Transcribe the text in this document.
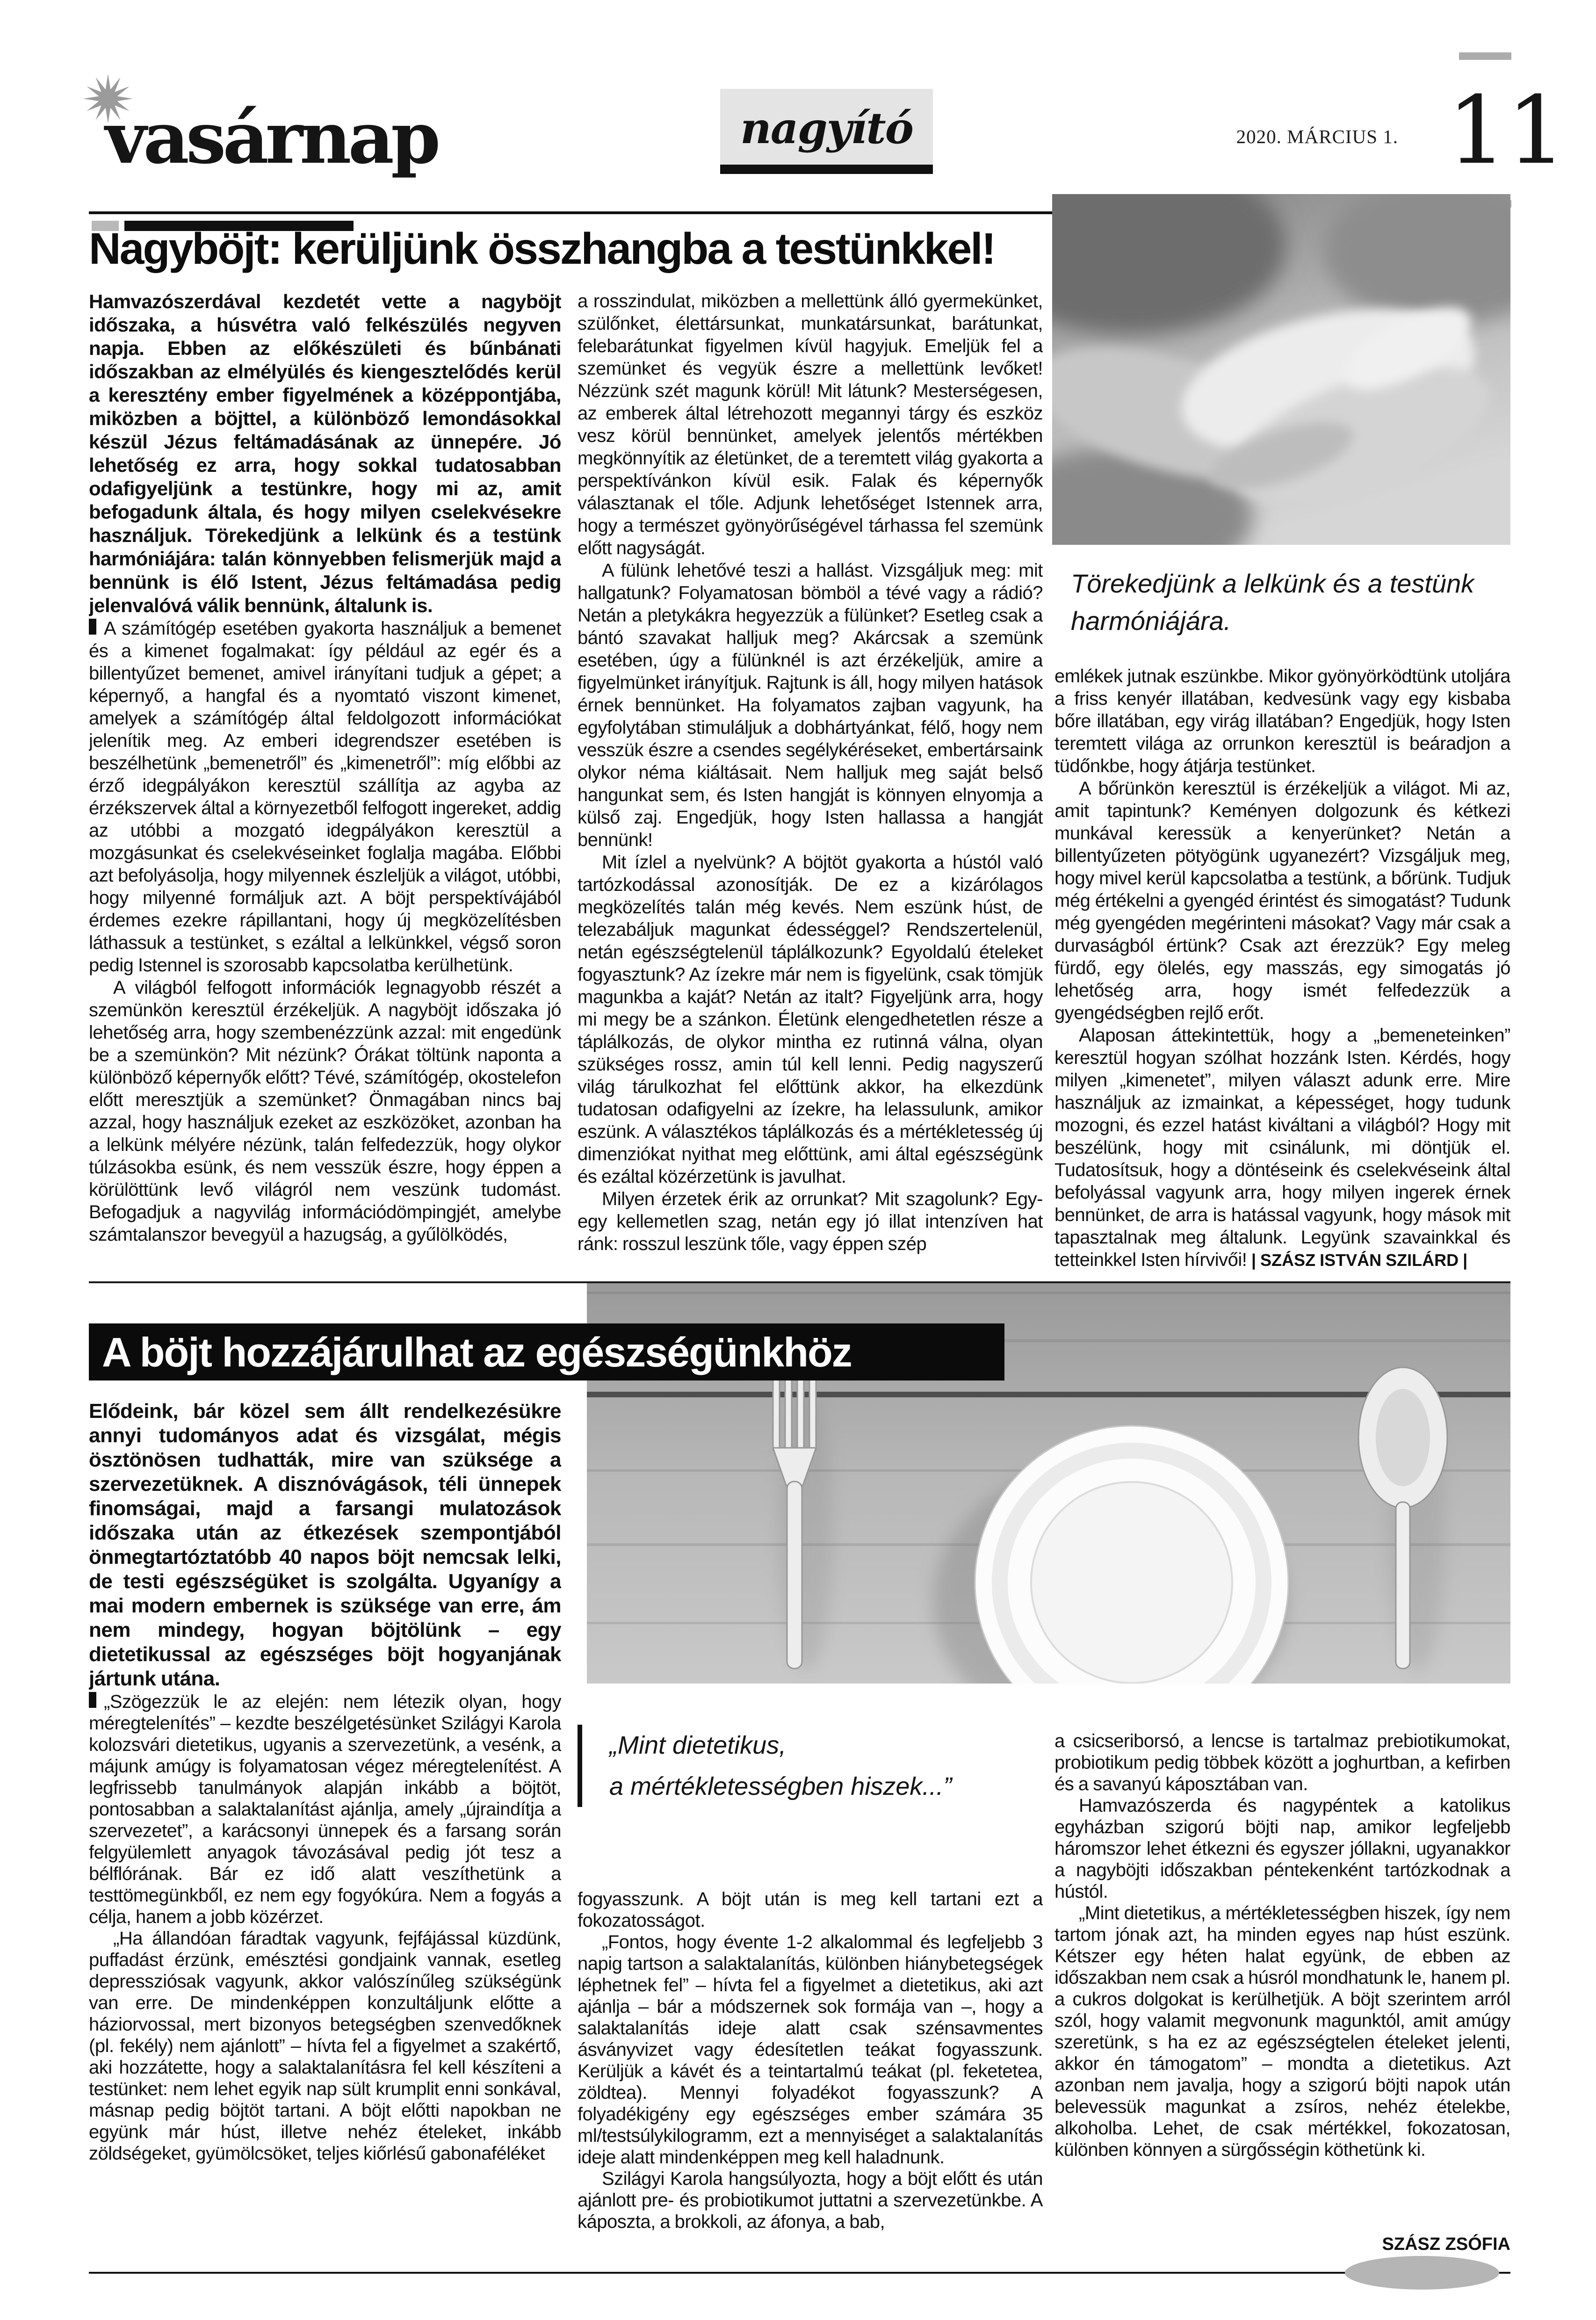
vasárnap	nagyító	2020. MÁRCIUS 1. 11
Nagyböjt: kerüljünk összhangba a testünkkel!
Törekedjünk a lelkünk és a testünk harmóniájára.

Hamvazószerdával kezdetét vette a nagyböjt időszaka, a húsvétra való felkészülés negyven napja. Ebben az előkészületi és bűnbánati időszakban az elmélyülés és kiengesztelődés kerül a keresztény ember figyelmének a középpontjába, miközben a böjttel, a különböző lemondásokkal készül Jézus feltámadásának az ünnepére. Jó lehetőség ez arra, hogy sokkal tudatosabban odafigyeljünk a testünkre, hogy mi az, amit befogadunk általa, és hogy milyen cselekvésekre használjuk. Törekedjünk a lelkünk és a testünk harmóniájára: talán könnyebben felismerjük majd a bennünk is élő Istent, Jézus feltámadása pedig jelenvalóvá válik bennünk, általunk is.

A számítógép esetében gyakorta használjuk a bemenet és a kimenet fogalmakat: így például az egér és a billentyűzet bemenet, amivel irányítani tudjuk a gépet; a képernyő, a hangfal és a nyomtató viszont kimenet, amelyek a számítógép által feldolgozott információkat jelenítik meg. Az emberi idegrendszer esetében is beszélhetünk „bemenetről” és „kimenetről”: míg előbbi az érző idegpályákon keresztül szállítja az agyba az érzékszervek által a környezetből felfogott ingereket, addig az utóbbi a mozgató idegpályákon keresztül a mozgásunkat és cselekvéseinket foglalja magába. Előbbi azt befolyásolja, hogy milyennek észleljük a világot, utóbbi, hogy milyenné formáljuk azt. A böjt perspektívájából érdemes ezekre rápillantani, hogy új megközelítésben láthassuk a testünket, s ezáltal a lelkünkkel, végső soron pedig Istennel is szorosabb kapcsolatba kerülhetünk.

A világból felfogott információk legnagyobb részét a szemünkön keresztül érzékeljük. A nagyböjt időszaka jó lehetőség arra, hogy szembenézzünk azzal: mit engedünk be a szemünkön? Mit nézünk? Órákat töltünk naponta a különböző képernyők előtt? Tévé, számítógép, okostelefon előtt meresztjük a szemünket? Önmagában nincs baj azzal, hogy használjuk ezeket az eszközöket, azonban ha a lelkünk mélyére nézünk, talán felfedezzük, hogy olykor túlzásokba esünk, és nem vesszük észre, hogy éppen a körülöttünk levő világról nem veszünk tudomást. Befogadjuk a nagyvilág információdömpingjét, amelybe számtalanszor bevegyül a hazugság, a gyűlölködés,

a rosszindulat, miközben a mellettünk álló gyermekünket, szülőnket, élettársunkat, munkatársunkat, barátunkat, felebarátunkat figyelmen kívül hagyjuk. Emeljük fel a szemünket és vegyük észre a mellettünk levőket! Nézzünk szét magunk körül! Mit látunk? Mesterségesen, az emberek által létrehozott megannyi tárgy és eszköz vesz körül bennünket, amelyek jelentős mértékben megkönnyítik az életünket, de a teremtett világ gyakorta a perspektívánkon kívül esik. Falak és képernyők választanak el tőle. Adjunk lehetőséget Istennek arra, hogy a természet gyönyörűségével tárhassa fel szemünk előtt nagyságát.

A fülünk lehetővé teszi a hallást. Vizsgáljuk meg: mit hallgatunk? Folyamatosan bömböl a tévé vagy a rádió? Netán a pletykákra hegyezzük a fülünket? Esetleg csak a bántó szavakat halljuk meg? Akárcsak a szemünk esetében, úgy a fülünknél is azt érzékeljük, amire a figyelmünket irányítjuk. Rajtunk is áll, hogy milyen hatások érnek bennünket. Ha folyamatos zajban vagyunk, ha egyfolytában stimuláljuk a dobhártyánkat, félő, hogy nem vesszük észre a csendes segélykéréseket, embertársaink olykor néma kiáltásait. Nem halljuk meg saját belső hangunkat sem, és Isten hangját is könnyen elnyomja a külső zaj. Engedjük, hogy Isten hallassa a hangját bennünk!

Mit ízlel a nyelvünk? A böjtöt gyakorta a hústól való tartózkodással azonosítják. De ez a kizárólagos megközelítés talán még kevés. Nem eszünk húst, de telezabáljuk magunkat édességgel? Rendszertelenül, netán egészségtelenül táplálkozunk? Egyoldalú ételeket fogyasztunk? Az ízekre már nem is figyelünk, csak tömjük magunkba a kaját? Netán az italt? Figyeljünk arra, hogy mi megy be a szánkon. Életünk elengedhetetlen része a táplálkozás, de olykor mintha ez rutinná válna, olyan szükséges rossz, amin túl kell lenni. Pedig nagyszerű világ tárulkozhat fel előttünk akkor, ha elkezdünk tudatosan odafigyelni az ízekre, ha lelassulunk, amikor eszünk. A választékos táplálkozás és a mértékletesség új dimenziókat nyithat meg előttünk, ami által egészségünk és ezáltal közérzetünk is javulhat.

Milyen érzetek érik az orrunkat? Mit szagolunk? Egy-egy kellemetlen szag, netán egy jó illat intenzíven hat ránk: rosszul leszünk tőle, vagy éppen szép

emlékek jutnak eszünkbe. Mikor gyönyörködtünk utoljára a friss kenyér illatában, kedvesünk vagy egy kisbaba bőre illatában, egy virág illatában? Engedjük, hogy Isten teremtett világa az orrunkon keresztül is beáradjon a tüdőnkbe, hogy átjárja testünket.

A bőrünkön keresztül is érzékeljük a világot. Mi az, amit tapintunk? Keményen dolgozunk és kétkezi munkával keressük a kenyerünket? Netán a billentyűzeten pötyögünk ugyanezért? Vizsgáljuk meg, hogy mivel kerül kapcsolatba a testünk, a bőrünk. Tudjuk még értékelni a gyengéd érintést és simogatást? Tudunk még gyengéden megérinteni másokat? Vagy már csak a durvaságból értünk? Csak azt érezzük? Egy meleg fürdő, egy ölelés, egy masszás, egy simogatás jó lehetőség arra, hogy ismét felfedezzük a gyengédségben rejlő erőt.

Alaposan áttekintettük, hogy a „bemeneteinken” keresztül hogyan szólhat hozzánk Isten. Kérdés, hogy milyen „kimenetet”, milyen választ adunk erre. Mire használjuk az izmainkat, a képességet, hogy tudunk mozogni, és ezzel hatást kiváltani a világból? Hogy mit beszélünk, hogy mit csinálunk, mi döntjük el. Tudatosítsuk, hogy a döntéseink és cselekvéseink által befolyással vagyunk arra, hogy milyen ingerek érnek bennünket, de arra is hatással vagyunk, hogy mások mit tapasztalnak meg általunk. Legyünk szavainkkal és tetteinkkel Isten hírvivői! | SZÁSZ ISTVÁN SZILÁRD |

A böjt hozzájárulhat az egészségünkhöz

Elődeink, bár közel sem állt rendelkezésükre annyi tudományos adat és vizsgálat, mégis ösztönösen tudhatták, mire van szüksége a szervezetüknek. A disznóvágások, téli ünnepek finomságai, majd a farsangi mulatozások időszaka után az étkezések szempontjából önmegtartóztatóbb 40 napos böjt nemcsak lelki, de testi egészségüket is szolgálta. Ugyanígy a mai modern embernek is szüksége van erre, ám nem mindegy, hogyan böjtölünk – egy dietetikussal az egészséges böjt hogyanjának jártunk utána.

„Szögezzük le az elején: nem létezik olyan, hogy méregtelenítés” – kezdte beszélgetésünket Szilágyi Karola kolozsvári dietetikus, ugyanis a szervezetünk, a vesénk, a májunk amúgy is folyamatosan végez méregtelenítést. A legfrissebb tanulmányok alapján inkább a böjtöt, pontosabban a salaktalanítást ajánlja, amely „újraindítja a szervezetet”, a karácsonyi ünnepek és a farsang során felgyülemlett anyagok távozásával pedig jót tesz a bélflórának. Bár ez idő alatt veszíthetünk a testtömegünkből, ez nem egy fogyókúra. Nem a fogyás a célja, hanem a jobb közérzet.

„Ha állandóan fáradtak vagyunk, fejfájással küzdünk, puffadást érzünk, emésztési gondjaink vannak, esetleg depressziósak vagyunk, akkor valószínűleg szükségünk van erre. De mindenképpen konzultáljunk előtte a háziorvossal, mert bizonyos betegségben szenvedőknek (pl. fekély) nem ajánlott” – hívta fel a figyelmet a szakértő, aki hozzátette, hogy a salaktalanításra fel kell készíteni a testünket: nem lehet egyik nap sült krumplit enni sonkával, másnap pedig böjtöt tartani. A böjt előtti napokban ne együnk már húst, illetve nehéz ételeket, inkább zöldségeket, gyümölcsöket, teljes kiőrlésű gabonaféléket

„Mint dietetikus,
a mértékletességben hiszek...”

fogyasszunk. A böjt után is meg kell tartani ezt a fokozatosságot.

„Fontos, hogy évente 1-2 alkalommal és legfeljebb 3 napig tartson a salaktalanítás, különben hiánybetegségek léphetnek fel” – hívta fel a figyelmet a dietetikus, aki azt ajánlja – bár a módszernek sok formája van –, hogy a salaktalanítás ideje alatt csak szénsavmentes ásványvizet vagy édesítetlen teákat fogyasszunk. Kerüljük a kávét és a teintartalmú teákat (pl. feketetea, zöldtea). Mennyi folyadékot fogyasszunk? A folyadékigény egy egészséges ember számára 35 ml/testsúlykilogramm, ezt a mennyiséget a salaktalanítás ideje alatt mindenképpen meg kell haladnunk.

Szilágyi Karola hangsúlyozta, hogy a böjt előtt és után ajánlott pre- és probiotikumot juttatni a szervezetünkbe. A káposzta, a brokkoli, az áfonya, a bab,

a csicseriborsó, a lencse is tartalmaz prebiotikumokat, probiotikum pedig többek között a joghurtban, a kefirben és a savanyú káposztában van.

Hamvazószerda és nagypéntek a katolikus egyházban szigorú böjti nap, amikor legfeljebb háromszor lehet étkezni és egyszer jóllakni, ugyanakkor a nagyböjti időszakban péntekenként tartózkodnak a hústól.

„Mint dietetikus, a mértékletességben hiszek, így nem tartom jónak azt, ha minden egyes nap húst eszünk. Kétszer egy héten halat együnk, de ebben az időszakban nem csak a húsról mondhatunk le, hanem pl. a cukros dolgokat is kerülhetjük. A böjt szerintem arról szól, hogy valamit megvonunk magunktól, amit amúgy szeretünk, s ha ez az egészségtelen ételeket jelenti, akkor én támogatom” – mondta a dietetikus. Azt azonban nem javalja, hogy a szigorú böjti napok után belevessük magunkat a zsíros, nehéz ételekbe, alkoholba. Lehet, de csak mértékkel, fokozatosan, különben könnyen a sürgősségin köthetünk ki.

SZÁSZ ZSÓFIA
